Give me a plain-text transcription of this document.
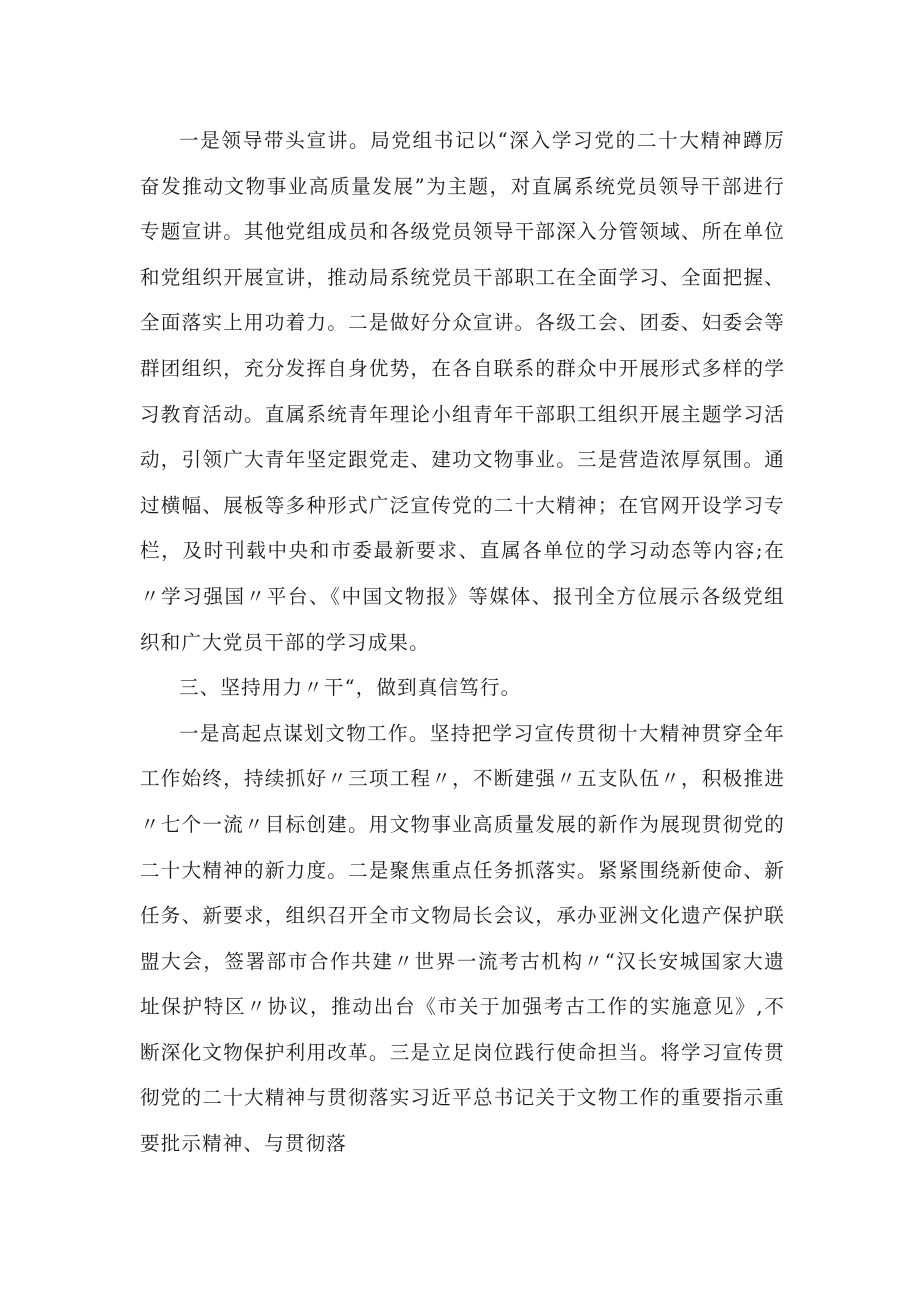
一是领导带头宣讲。局党组书记以“深入学习党的二十大精神蹲厉奋发推动文物事业高质量发展”为主题，对直属系统党员领导干部进行专题宣讲。其他党组成员和各级党员领导干部深入分管领域、所在单位和党组织开展宣讲，推动局系统党员干部职工在全面学习、全面把握、全面落实上用功着力。二是做好分众宣讲。各级工会、团委、妇委会等群团组织，充分发挥自身优势，在各自联系的群众中开展形式多样的学习教育活动。直属系统青年理论小组青年干部职工组织开展主题学习活动，引领广大青年坚定跟党走、建功文物事业。三是营造浓厚氛围。通过横幅、展板等多种形式广泛宣传党的二十大精神；在官网开设学习专栏，及时刊载中央和市委最新要求、直属各单位的学习动态等内容;在〃学习强国〃平台、《中国文物报》等媒体、报刊全方位展示各级党组织和广大党员干部的学习成果。

三、坚持用力〃干“，做到真信笃行。

一是高起点谋划文物工作。坚持把学习宣传贯彻十大精神贯穿全年工作始终，持续抓好〃三项工程〃，不断建强〃五支队伍〃，积极推进〃七个一流〃目标创建。用文物事业高质量发展的新作为展现贯彻党的二十大精神的新力度。二是聚焦重点任务抓落实。紧紧围绕新使命、新任务、新要求，组织召开全市文物局长会议，承办亚洲文化遗产保护联盟大会，签署部市合作共建〃世界一流考古机构〃“汉长安城国家大遗址保护特区〃协议，推动出台《市关于加强考古工作的实施意见》,不断深化文物保护利用改革。三是立足岗位践行使命担当。将学习宣传贯彻党的二十大精神与贯彻落实习近平总书记关于文物工作的重要指示重要批示精神、与贯彻落
